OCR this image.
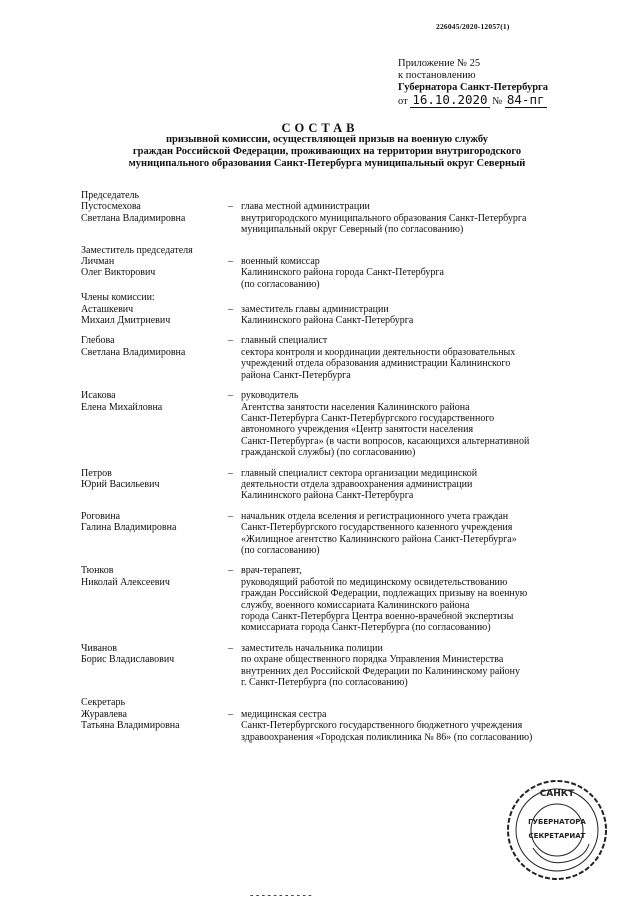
226045/2020-12057(1)
Приложение № 25
к постановлению
Губернатора Санкт-Петербурга
от 16.10.2020 № 84-пг
СОСТАВ
призывной комиссии, осуществляющей призыв на военную службу
граждан Российской Федерации, проживающих на территории внутригородского
муниципального образования Санкт-Петербурга муниципальный округ Северный
Председатель
Пустосмехова
Светлана Владимировна
– глава местной администрации
внутригородского муниципального образования Санкт-Петербурга
муниципальный округ Северный (по согласованию)
Заместитель председателя
Личман
Олег Викторович
– военный комиссар
Калининского района города Санкт-Петербурга
(по согласованию)
Члены комиссии:
Асташкевич
Михаил Дмитриевич
– заместитель главы администрации
Калининского района Санкт-Петербурга
Глебова
Светлана Владимировна
– главный специалист
сектора контроля и координации деятельности образовательных
учреждений отдела образования администрации Калининского
района Санкт-Петербурга
Исакова
Елена Михайловна
– руководитель
Агентства занятости населения Калининского района
Санкт-Петербурга Санкт-Петербургского государственного
автономного учреждения «Центр занятости населения
Санкт-Петербурга» (в части вопросов, касающихся альтернативной
гражданской службы) (по согласованию)
Петров
Юрий Васильевич
– главный специалист сектора организации медицинской
деятельности отдела здравоохранения администрации
Калининского района Санкт-Петербурга
Роговина
Галина Владимировна
– начальник отдела вселения и регистрационного учета граждан
Санкт-Петербургского государственного казенного учреждения
«Жилищное агентство Калининского района Санкт-Петербурга»
(по согласованию)
Тюнков
Николай Алексеевич
– врач-терапевт,
руководящий работой по медицинскому освидетельствованию
граждан Российской Федерации, подлежащих призыву на военную
службу, военного комиссариата Калининского района
города Санкт-Петербурга Центра военно-врачебной экспертизы
комиссариата города Санкт-Петербурга (по согласованию)
Чиванов
Борис Владиславович
– заместитель начальника полиции
по охране общественного порядка Управления Министерства
внутренних дел Российской Федерации по Калининскому району
г. Санкт-Петербурга (по согласованию)
Секретарь
Журавлева
Татьяна Владимировна
– медицинская сестра
Санкт-Петербургского государственного бюджетного учреждения
здравоохранения «Городская поликлиника № 86» (по согласованию)
САНКТ
ГУБЕРНАТОРА
СЕКРЕТАРИАТ
- - - - - - - - - - -
